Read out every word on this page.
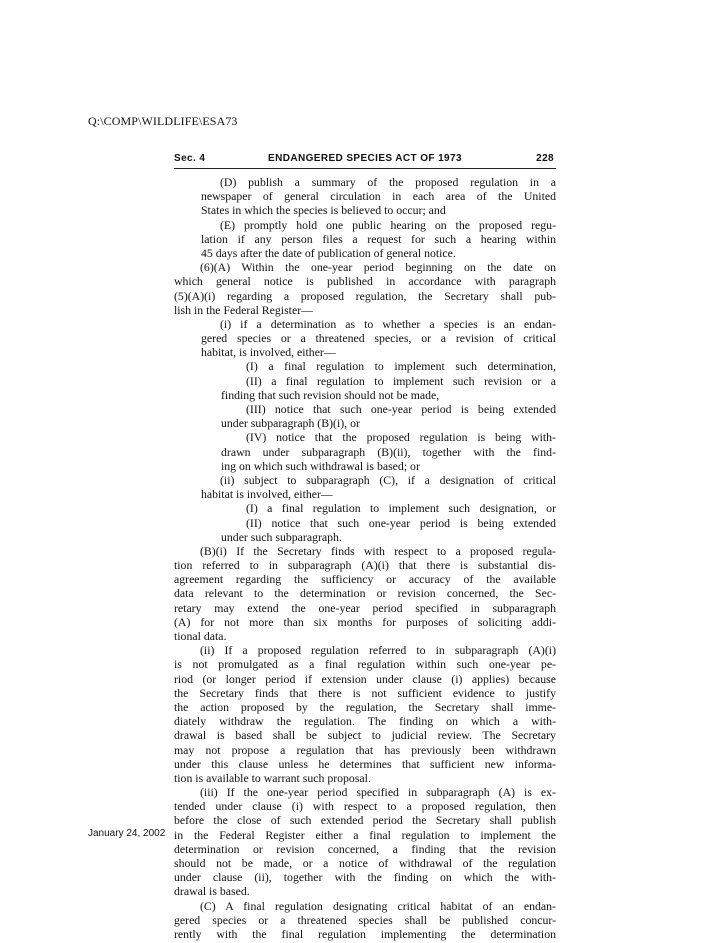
Q:\COMP\WILDLIFE\ESA73
Sec. 4	ENDANGERED SPECIES ACT OF 1973	228
(D) publish a summary of the proposed regulation in a
newspaper of general circulation in each area of the United
States in which the species is believed to occur; and
(E) promptly hold one public hearing on the proposed regu-
lation if any person files a request for such a hearing within
45 days after the date of publication of general notice.
(6)(A) Within the one-year period beginning on the date on
which general notice is published in accordance with paragraph
(5)(A)(i) regarding a proposed regulation, the Secretary shall pub-
lish in the Federal Register—
(i) if a determination as to whether a species is an endan-
gered species or a threatened species, or a revision of critical
habitat, is involved, either—
(I) a final regulation to implement such determination,
(II) a final regulation to implement such revision or a
finding that such revision should not be made,
(III) notice that such one-year period is being extended
under subparagraph (B)(i), or
(IV) notice that the proposed regulation is being with-
drawn under subparagraph (B)(ii), together with the find-
ing on which such withdrawal is based; or
(ii) subject to subparagraph (C), if a designation of critical
habitat is involved, either—
(I) a final regulation to implement such designation, or
(II) notice that such one-year period is being extended
under such subparagraph.
(B)(i) If the Secretary finds with respect to a proposed regula-
tion referred to in subparagraph (A)(i) that there is substantial dis-
agreement regarding the sufficiency or accuracy of the available
data relevant to the determination or revision concerned, the Sec-
retary may extend the one-year period specified in subparagraph
(A) for not more than six months for purposes of soliciting addi-
tional data.
(ii) If a proposed regulation referred to in subparagraph (A)(i)
is not promulgated as a final regulation within such one-year pe-
riod (or longer period if extension under clause (i) applies) because
the Secretary finds that there is not sufficient evidence to justify
the action proposed by the regulation, the Secretary shall imme-
diately withdraw the regulation. The finding on which a with-
drawal is based shall be subject to judicial review. The Secretary
may not propose a regulation that has previously been withdrawn
under this clause unless he determines that sufficient new informa-
tion is available to warrant such proposal.
(iii) If the one-year period specified in subparagraph (A) is ex-
tended under clause (i) with respect to a proposed regulation, then
before the close of such extended period the Secretary shall publish
in the Federal Register either a final regulation to implement the
determination or revision concerned, a finding that the revision
should not be made, or a notice of withdrawal of the regulation
under clause (ii), together with the finding on which the with-
drawal is based.
(C) A final regulation designating critical habitat of an endan-
gered species or a threatened species shall be published concur-
rently with the final regulation implementing the determination
January 24, 2002
